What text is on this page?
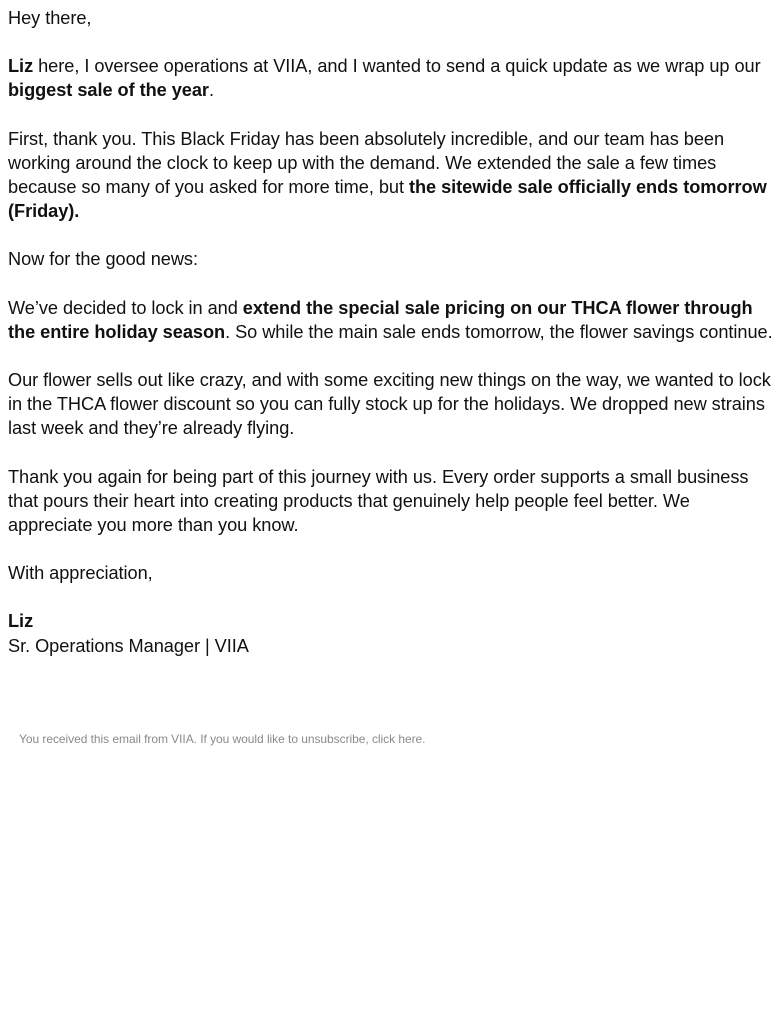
Hey there,

Liz here, I oversee operations at VIIA, and I wanted to send a quick update as we wrap up our biggest sale of the year.

First, thank you. This Black Friday has been absolutely incredible, and our team has been working around the clock to keep up with the demand. We extended the sale a few times because so many of you asked for more time, but the sitewide sale officially ends tomorrow (Friday).

Now for the good news:

We’ve decided to lock in and extend the special sale pricing on our THCA flower through the entire holiday season. So while the main sale ends tomorrow, the flower savings continue.

Our flower sells out like crazy, and with some exciting new things on the way, we wanted to lock in the THCA flower discount so you can fully stock up for the holidays. We dropped new strains last week and they’re already flying.

Thank you again for being part of this journey with us. Every order supports a small business that pours their heart into creating products that genuinely help people feel better. We appreciate you more than you know.

With appreciation,

Liz
Sr. Operations Manager | VIIA
You received this email from VIIA. If you would like to unsubscribe, click here.
